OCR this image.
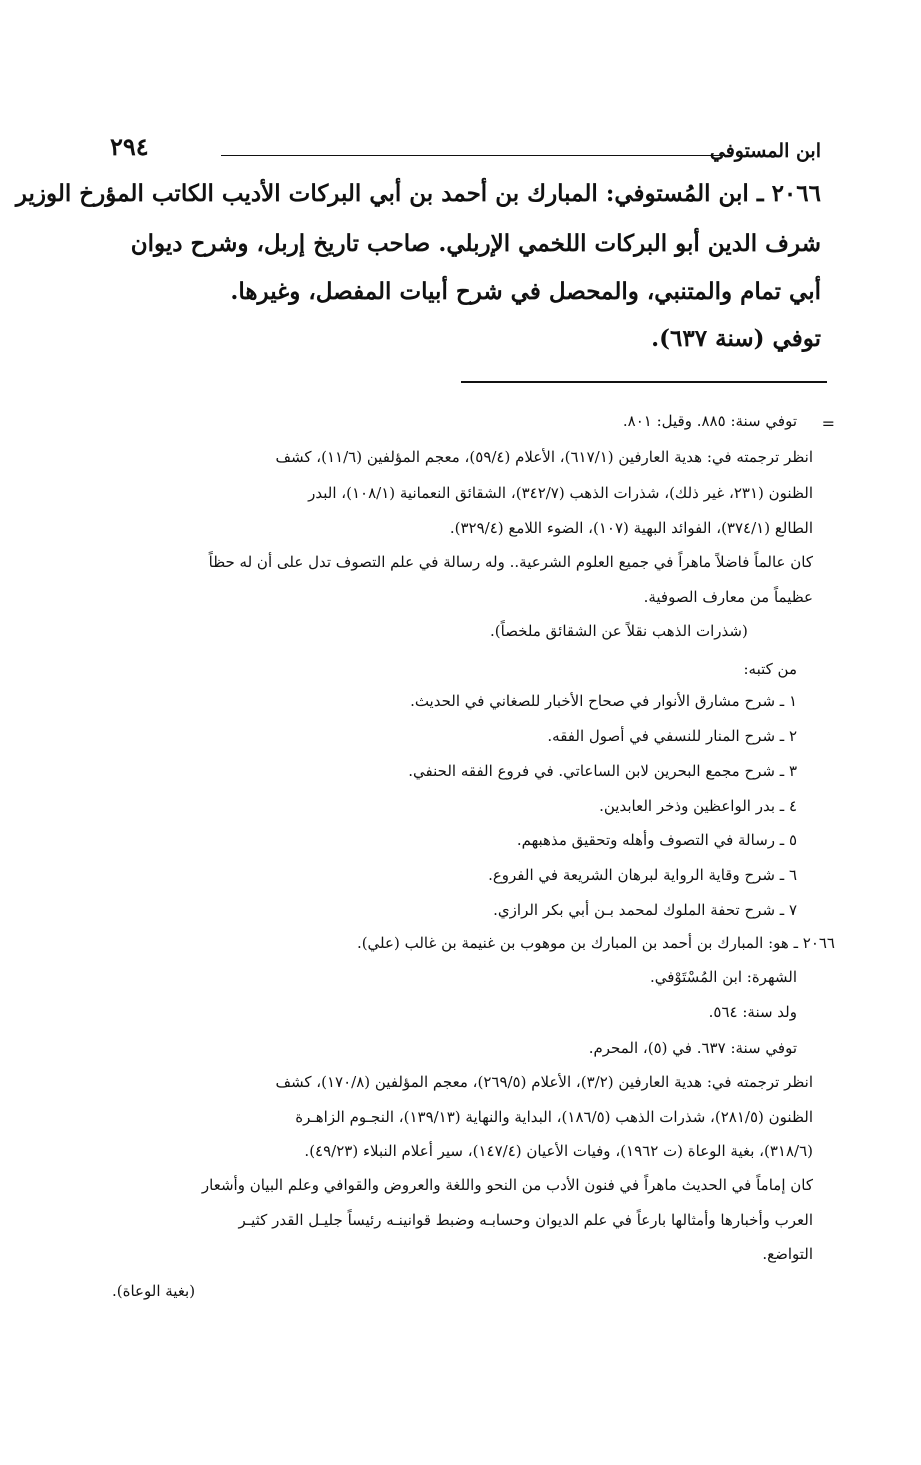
ابن المستوفي
٢٩٤
٢٠٦٦ ـ ابن المُستوفي: المبارك بن أحمد بن أبي البركات الأديب الكاتب المؤرخ الوزير
شرف الدين أبو البركات اللخمي الإربلي. صاحب تاريخ إربل، وشرح ديوان
أبي تمام والمتنبي، والمحصل في شرح أبيات المفصل، وغيرها.
توفي (سنة ٦٣٧).
=
توفي سنة: ٨٨٥. وقيل: ٨٠١.
انظر ترجمته في: هدية العارفين (٦١٧/١)، الأعلام (٥٩/٤)، معجم المؤلفين (١١/٦)، كشف
الظنون (٢٣١، غير ذلك)، شذرات الذهب (٣٤٢/٧)، الشقائق النعمانية (١٠٨/١)، البدر
الطالع (٣٧٤/١)، الفوائد البهية (١٠٧)، الضوء اللامع (٣٢٩/٤).
كان عالماً فاضلاً ماهراً في جميع العلوم الشرعية.. وله رسالة في علم التصوف تدل على أن له حظاً
عظيماً من معارف الصوفية.
(شذرات الذهب نقلاً عن الشقائق ملخصاً).
من كتبه:
١ ـ شرح مشارق الأنوار في صحاح الأخبار للصغاني في الحديث.
٢ ـ شرح المنار للنسفي في أصول الفقه.
٣ ـ شرح مجمع البحرين لابن الساعاتي. في فروع الفقه الحنفي.
٤ ـ بدر الواعظين وذخر العابدين.
٥ ـ رسالة في التصوف وأهله وتحقيق مذهبهم.
٦ ـ شرح وقاية الرواية لبرهان الشريعة في الفروع.
٧ ـ شرح تحفة الملوك لمحمد بـن أبي بكر الرازي.
٢٠٦٦ ـ هو: المبارك بن أحمد بن المبارك بن موهوب بن غنيمة بن غالب (علي).
الشهرة: ابن المُسْتَوْفي.
ولد سنة: ٥٦٤.
توفي سنة: ٦٣٧. في (٥)، المحرم.
انظر ترجمته في: هدية العارفين (٣/٢)، الأعلام (٢٦٩/٥)، معجم المؤلفين (١٧٠/٨)، كشف
الظنون (٢٨١/٥)، شذرات الذهب (١٨٦/٥)، البداية والنهاية (١٣٩/١٣)، النجـوم الزاهـرة
(٣١٨/٦)، بغية الوعاة (ت ١٩٦٢)، وفيات الأعيان (١٤٧/٤)، سير أعلام النبلاء (٤٩/٢٣).
كان إماماً في الحديث ماهراً في فنون الأدب من النحو واللغة والعروض والقوافي وعلم البيان وأشعار
العرب وأخبارها وأمثالها بارعاً في علم الديوان وحسابـه وضبط قوانينـه رئيساً جليـل القدر كثيـر
التواضع.
(بغية الوعاة).
